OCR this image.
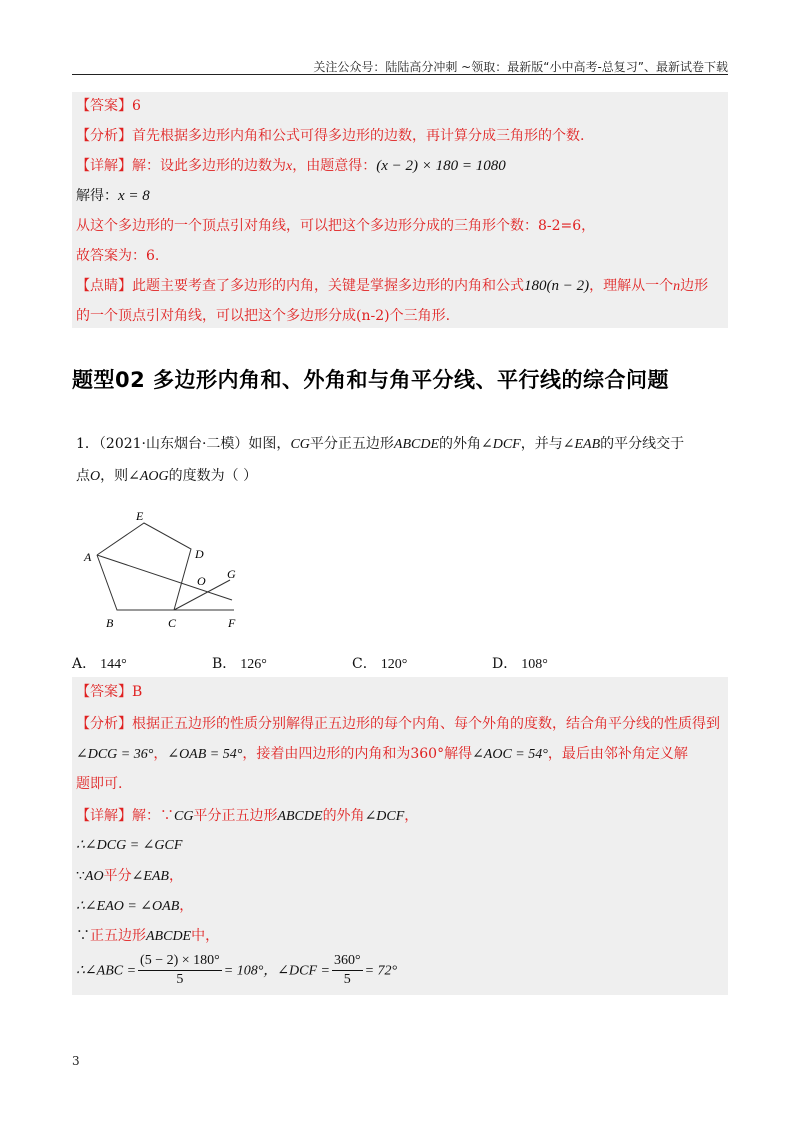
关注公众号：陆陆高分冲刺 ~领取：最新版“小中高考-总复习”、最新试卷下载
【答案】6
【分析】首先根据多边形内角和公式可得多边形的边数，再计算分成三角形的个数.
【详解】解：设此多边形的边数为x，由题意得：(x − 2) × 180 = 1080
解得：x = 8
从这个多边形的一个顶点引对角线，可以把这个多边形分成的三角形个数：8-2=6，
故答案为：6.
【点睛】此题主要考查了多边形的内角，关键是掌握多边形的内角和公式180(n − 2)，理解从一个n边形
的一个顶点引对角线，可以把这个多边形分成(n-2)个三角形.
题型02 多边形内角和、外角和与角平分线、平行线的综合问题
1．（2021·山东烟台·二模）如图，CG平分正五边形ABCDE的外角∠DCF，并与∠EAB的平分线交于
点O，则∠AOG的度数为（ ）
E
A	D
O G
B	C	F
A． 144°	B． 126°	C． 120°	D． 108°
【答案】B
【分析】根据正五边形的性质分别解得正五边形的每个内角、每个外角的度数，结合角平分线的性质得到
∠DCG = 36°，∠OAB = 54°，接着由四边形的内角和为360°解得∠AOC = 54°，最后由邻补角定义解
题即可.
【详解】解：∵CG平分正五边形ABCDE的外角∠DCF，
∴∠DCG = ∠GCF
∵AO平分∠EAB，
∴∠EAO = ∠OAB，
∵正五边形ABCDE中，
∴∠ABC = $\frac{(5 - 2) \times 180^\circ}{5} = 108^\circ$，∠DCF = $\frac{360^\circ}{5} = 72^\circ$
3
